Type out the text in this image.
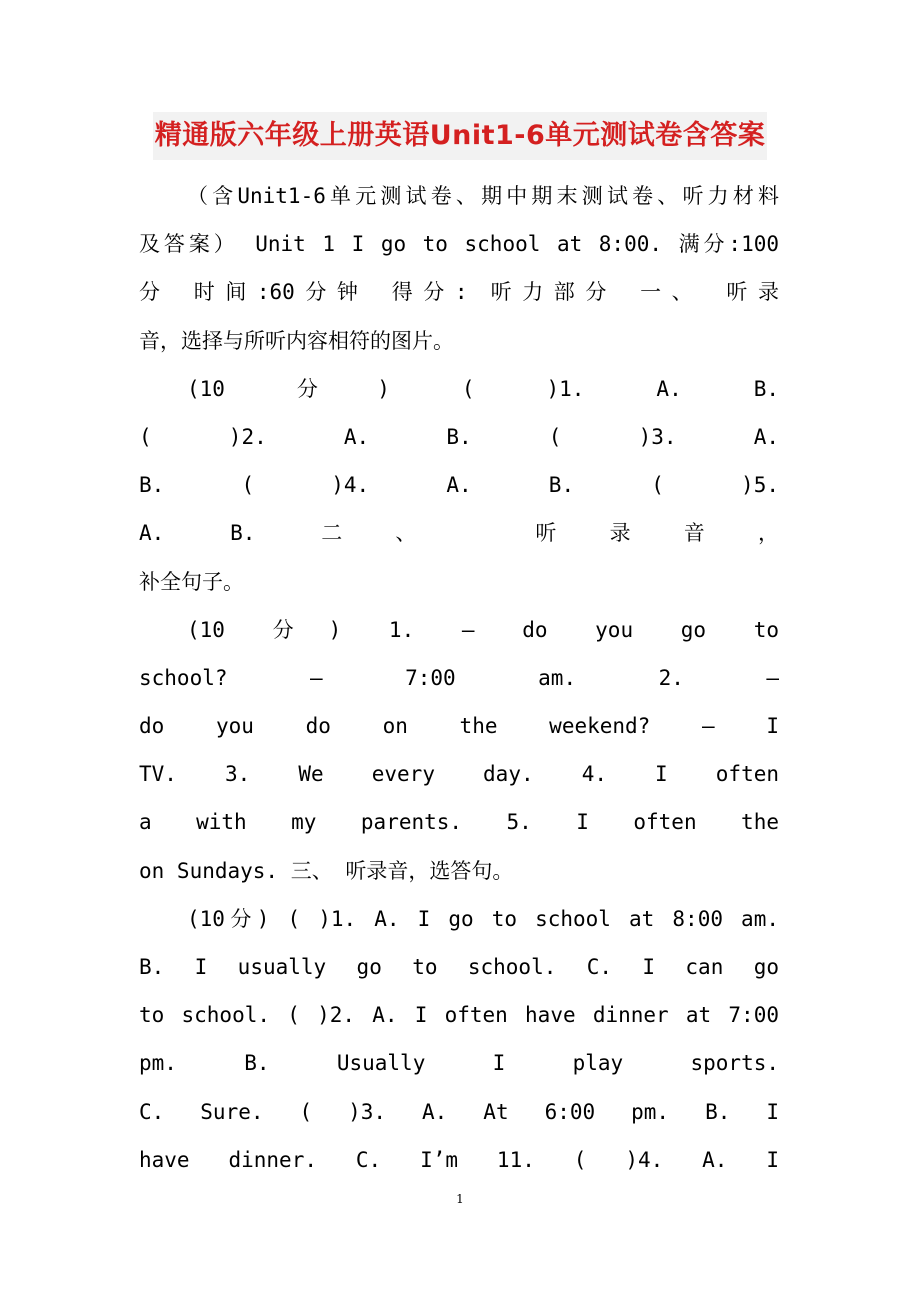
精通版六年级上册英语Unit1-6单元测试卷含答案
（含Unit1-6单元测试卷、期中期末测试卷、听力材料
及答案） Unit 1 I go to school at 8:00. 满分:100
分 时间:60分钟 得分: 听力部分 一、 听录
音，选择与所听内容相符的图片。
(10 分) ( )1. A. B.
( )2. A. B. ( )3. A.
B. ( )4. A. B. ( )5.
A. B. 二、 听录音，
补全句子。
(10 分) 1. — do you go to
school? — 7:00 am. 2. —
do you do on the weekend? — I
TV. 3. We every day. 4. I often
a with my parents. 5. I often the
on Sundays. 三、 听录音，选答句。
(10分) ( )1. A. I go to school at 8:00 am.
B. I usually go to school. C. I can go
to school. ( )2. A. I often have dinner at 7:00
pm. B. Usually I play sports.
C. Sure. ( )3. A. At 6:00 pm. B. I
have dinner. C. I’m 11. ( )4. A. I
1
